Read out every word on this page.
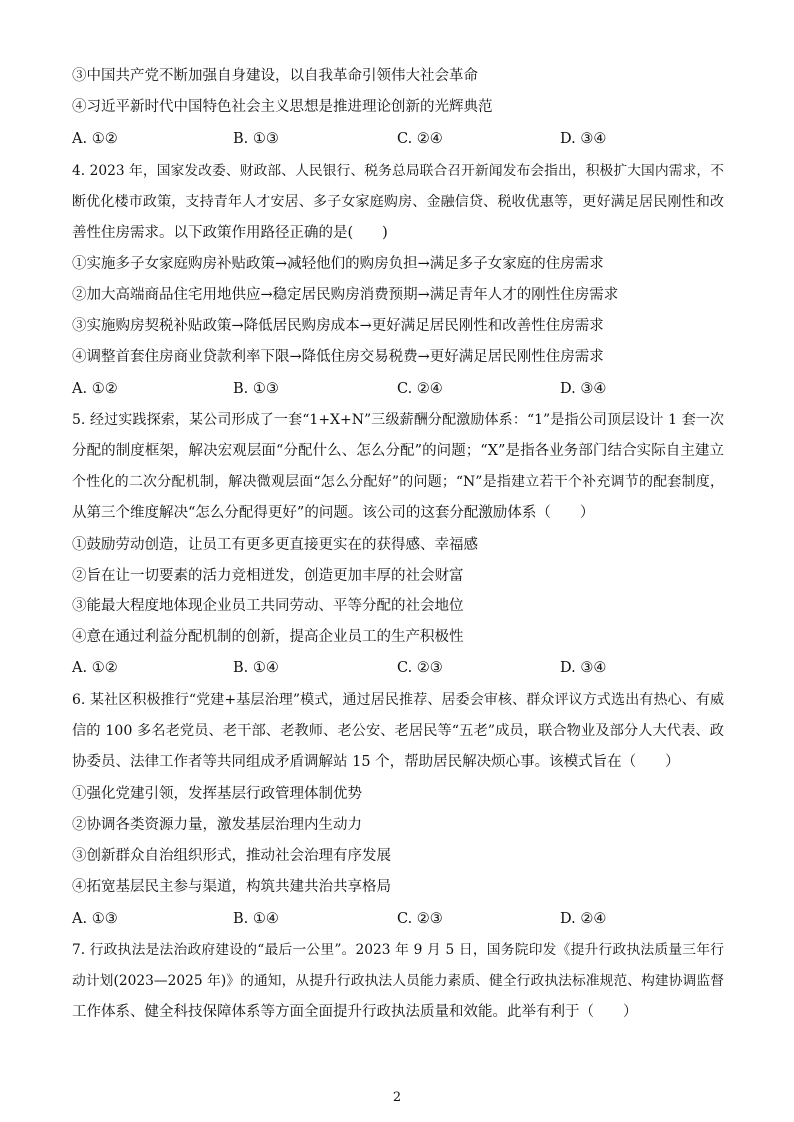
③中国共产党不断加强自身建设，以自我革命引领伟大社会革命
④习近平新时代中国特色社会主义思想是推进理论创新的光辉典范
A. ①②	B. ①③	C. ②④	D. ③④
4. 2023 年，国家发改委、财政部、人民银行、税务总局联合召开新闻发布会指出，积极扩大国内需求，不
断优化楼市政策，支持青年人才安居、多子女家庭购房、金融信贷、税收优惠等，更好满足居民刚性和改
善性住房需求。以下政策作用路径正确的是(　　)
①实施多子女家庭购房补贴政策→减轻他们的购房负担→满足多子女家庭的住房需求
②加大高端商品住宅用地供应→稳定居民购房消费预期→满足青年人才的刚性住房需求
③实施购房契税补贴政策→降低居民购房成本→更好满足居民刚性和改善性住房需求
④调整首套住房商业贷款利率下限→降低住房交易税费→更好满足居民刚性住房需求
A. ①②	B. ①③	C. ②④	D. ③④
5. 经过实践探索，某公司形成了一套“1+X+N”三级薪酬分配激励体系：“1”是指公司顶层设计 1 套一次
分配的制度框架，解决宏观层面“分配什么、怎么分配”的问题；“X”是指各业务部门结合实际自主建立
个性化的二次分配机制，解决微观层面“怎么分配好”的问题；“N”是指建立若干个补充调节的配套制度，
从第三个维度解决“怎么分配得更好”的问题。该公司的这套分配激励体系（　　）
①鼓励劳动创造，让员工有更多更直接更实在的获得感、幸福感
②旨在让一切要素的活力竞相迸发，创造更加丰厚的社会财富
③能最大程度地体现企业员工共同劳动、平等分配的社会地位
④意在通过利益分配机制的创新，提高企业员工的生产积极性
A. ①②	B. ①④	C. ②③	D. ③④
6. 某社区积极推行“党建+基层治理”模式，通过居民推荐、居委会审核、群众评议方式选出有热心、有威
信的 100 多名老党员、老干部、老教师、老公安、老居民等“五老”成员，联合物业及部分人大代表、政
协委员、法律工作者等共同组成矛盾调解站 15 个，帮助居民解决烦心事。该模式旨在（　　）
①强化党建引领，发挥基层行政管理体制优势
②协调各类资源力量，激发基层治理内生动力
③创新群众自治组织形式，推动社会治理有序发展
④拓宽基层民主参与渠道，构筑共建共治共享格局
A. ①③	B. ①④	C. ②③	D. ②④
7. 行政执法是法治政府建设的“最后一公里”。2023 年 9 月 5 日，国务院印发《提升行政执法质量三年行
动计划(2023—2025 年)》的通知，从提升行政执法人员能力素质、健全行政执法标准规范、构建协调监督
工作体系、健全科技保障体系等方面全面提升行政执法质量和效能。此举有利于（　　）
2
